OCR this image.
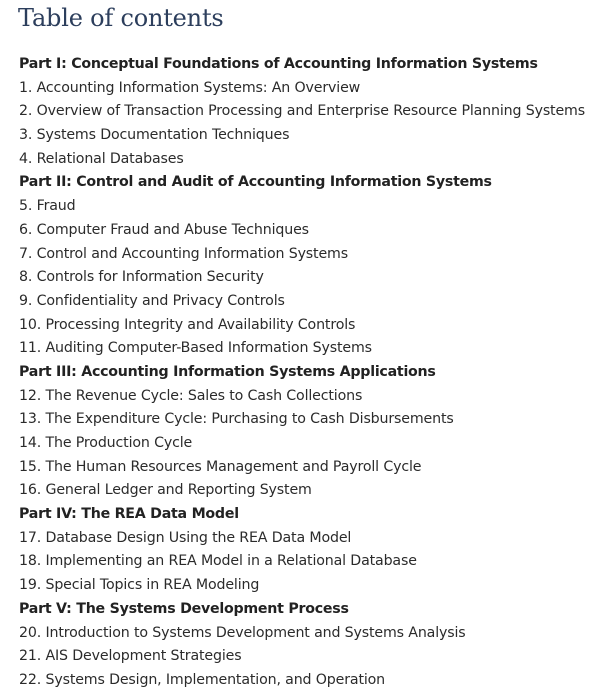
Table of contents
Part I: Conceptual Foundations of Accounting Information Systems
1. Accounting Information Systems: An Overview
2. Overview of Transaction Processing and Enterprise Resource Planning Systems
3. Systems Documentation Techniques
4. Relational Databases
Part II: Control and Audit of Accounting Information Systems
5. Fraud
6. Computer Fraud and Abuse Techniques
7. Control and Accounting Information Systems
8. Controls for Information Security
9. Confidentiality and Privacy Controls
10. Processing Integrity and Availability Controls
11. Auditing Computer-Based Information Systems
Part III: Accounting Information Systems Applications
12. The Revenue Cycle: Sales to Cash Collections
13. The Expenditure Cycle: Purchasing to Cash Disbursements
14. The Production Cycle
15. The Human Resources Management and Payroll Cycle
16. General Ledger and Reporting System
Part IV: The REA Data Model
17. Database Design Using the REA Data Model
18. Implementing an REA Model in a Relational Database
19. Special Topics in REA Modeling
Part V: The Systems Development Process
20. Introduction to Systems Development and Systems Analysis
21. AIS Development Strategies
22. Systems Design, Implementation, and Operation
